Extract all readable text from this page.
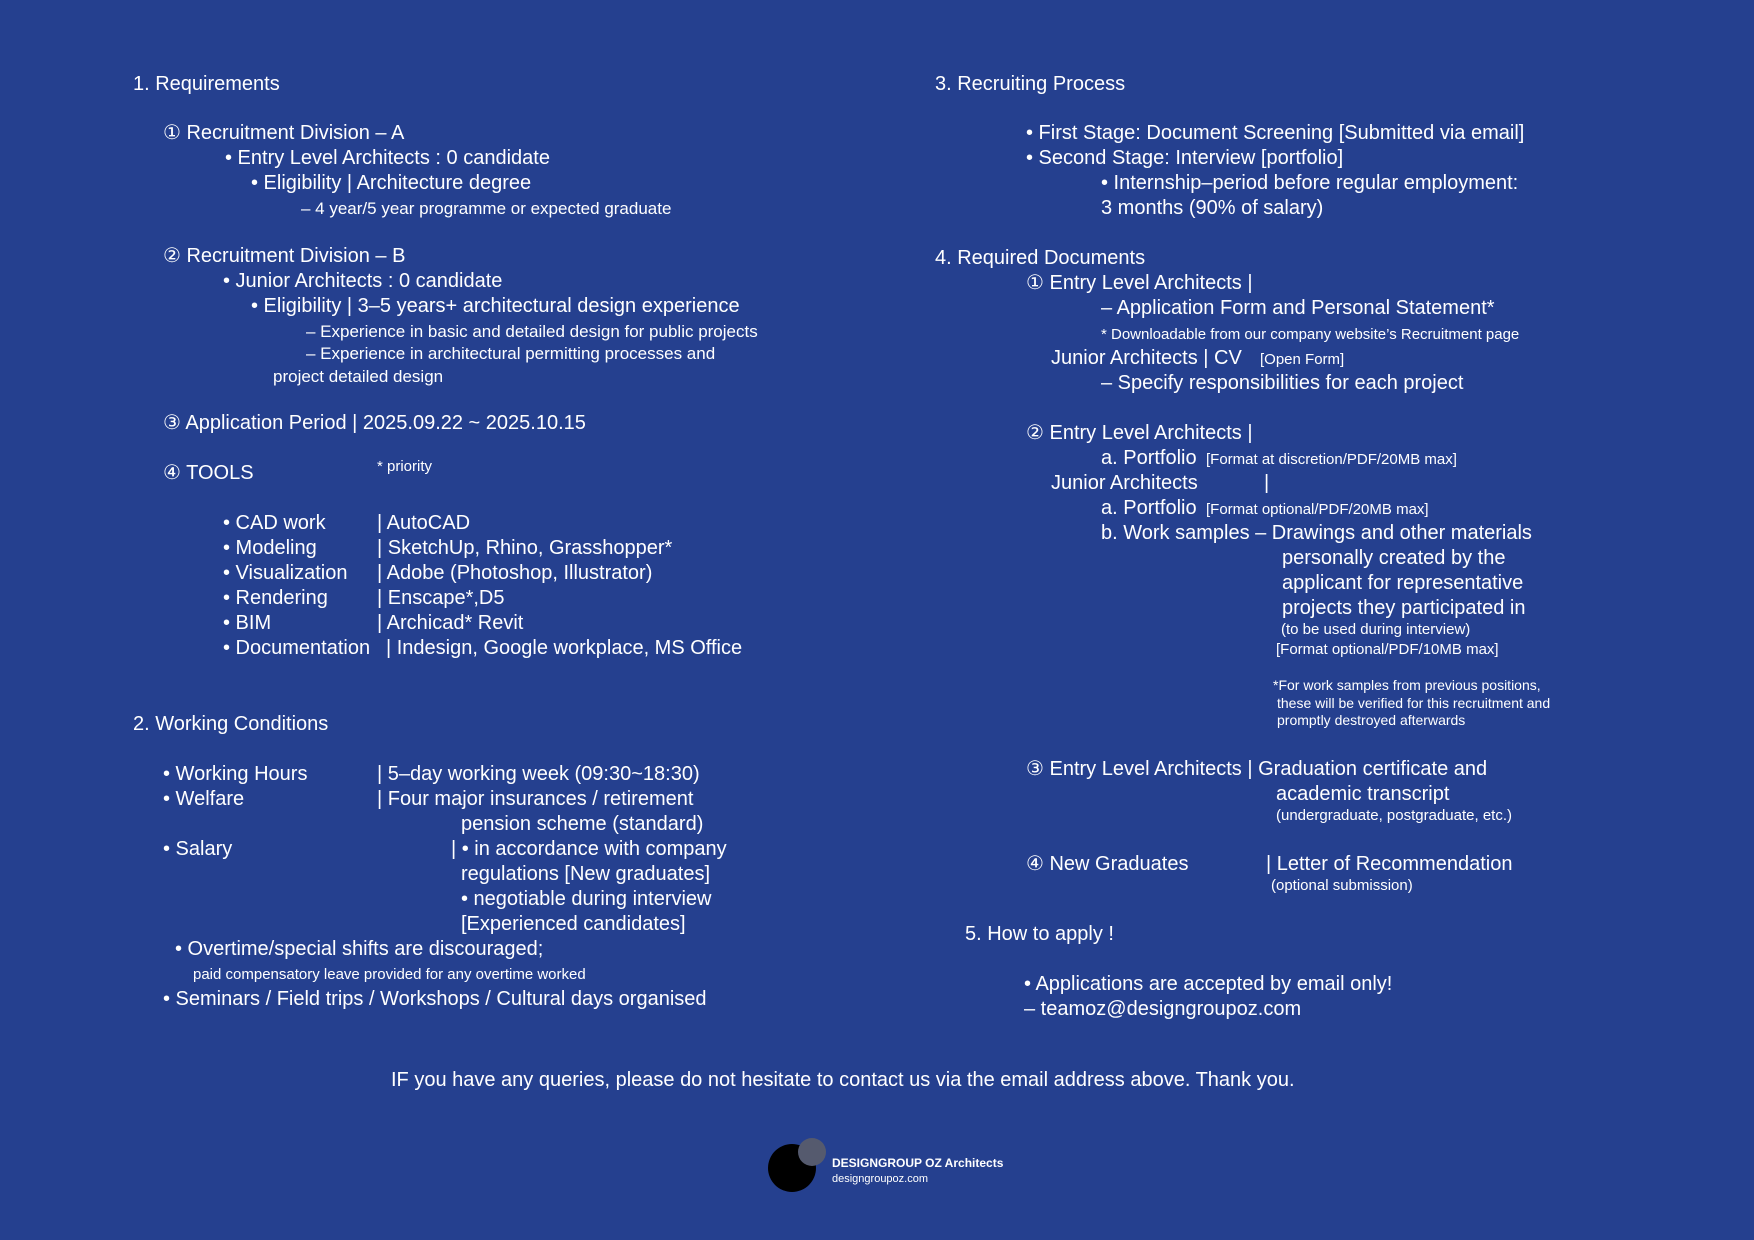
1. Requirements
① Recruitment Division – A
• Entry Level Architects : 0 candidate
• Eligibility | Architecture degree
– 4 year/5 year programme or expected graduate
② Recruitment Division – B
• Junior Architects : 0 candidate
• Eligibility | 3–5 years+ architectural design experience
– Experience in basic and detailed design for public projects
– Experience in architectural permitting processes and
project detailed design
③ Application Period | 2025.09.22 ~ 2025.10.15
④ TOOLS	* priority
• CAD work	| AutoCAD
• Modeling	| SketchUp, Rhino, Grasshopper*
• Visualization | Adobe (Photoshop, Illustrator)
• Rendering | Enscape*,D5
• BIM	| Archicad* Revit
• Documentation | Indesign, Google workplace, MS Office
2. Working Conditions
• Working Hours	| 5–day working week (09:30~18:30)
• Welfare	| Four major insurances / retirement
pension scheme (standard)
• Salary	| • in accordance with company
regulations [New graduates]
• negotiable during interview
[Experienced candidates]
• Overtime/special shifts are discouraged;
paid compensatory leave provided for any overtime worked
• Seminars / Field trips / Workshops / Cultural days organised
3. Recruiting Process
• First Stage: Document Screening [Submitted via email]
• Second Stage: Interview [portfolio]
• Internship–period before regular employment:
3 months (90% of salary)
4. Required Documents
① Entry Level Architects |
– Application Form and Personal Statement*
* Downloadable from our company website’s Recruitment page
Junior Architects | CV [Open Form]
– Specify responsibilities for each project
② Entry Level Architects |
a. Portfolio [Format at discretion/PDF/20MB max]
Junior Architects	|
a. Portfolio [Format optional/PDF/20MB max]
b. Work samples – Drawings and other materials
personally created by the
applicant for representative
projects they participated in
(to be used during interview)
[Format optional/PDF/10MB max]
*For work samples from previous positions,
these will be verified for this recruitment and
promptly destroyed afterwards
③ Entry Level Architects | Graduation certificate and
academic transcript
(undergraduate, postgraduate, etc.)
④ New Graduates	| Letter of Recommendation
(optional submission)
5. How to apply !
• Applications are accepted by email only!
– teamoz@designgroupoz.com
IF you have any queries, please do not hesitate to contact us via the email address above. Thank you.
DESIGNGROUP OZ Architects
designgroupoz.com
